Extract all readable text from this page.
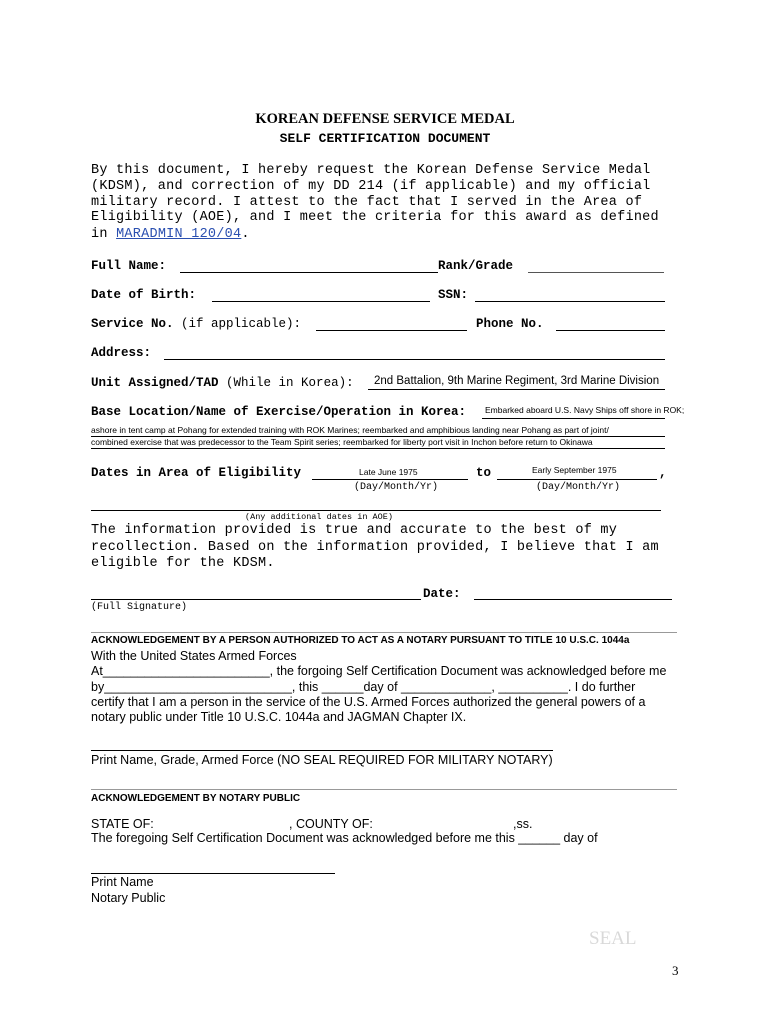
KOREAN DEFENSE SERVICE MEDAL
SELF CERTIFICATION DOCUMENT
By this document, I hereby request the Korean Defense Service Medal
(KDSM), and correction of my DD 214 (if applicable) and my official
military record. I attest to the fact that I served in the Area of
Eligibility (AOE), and I meet the criteria for this award as defined
in MARADMIN 120/04.
Full Name:	Rank/Grade
Date of Birth:	SSN:
Service No. (if applicable):	Phone No.
Address:
Unit Assigned/TAD (While in Korea): 2nd Battalion, 9th Marine Regiment, 3rd Marine Division
Base Location/Name of Exercise/Operation in Korea: Embarked aboard U.S. Navy Ships off shore in ROK;
ashore in tent camp at Pohang for extended training with ROK Marines; reembarked and amphibious landing near Pohang as part of joint/
combined exercise that was predecessor to the Team Spirit series; reembarked for liberty port visit in Inchon before return to Okinawa
Dates in Area of Eligibility	Late June 1975	to	Early September 1975	,
(Day/Month/Yr)	(Day/Month/Yr)
(Any additional dates in AOE)
The information provided is true and accurate to the best of my
recollection. Based on the information provided, I believe that I am
eligible for the KDSM.
Date:
(Full Signature)
ACKNOWLEDGEMENT BY A PERSON AUTHORIZED TO ACT AS A NOTARY PURSUANT TO TITLE 10 U.S.C. 1044a
With the United States Armed Forces
At________________________, the forgoing Self Certification Document was acknowledged before me
by___________________________, this ______day of _____________, __________. I do further
certify that I am a person in the service of the U.S. Armed Forces authorized the general powers of a
notary public under Title 10 U.S.C. 1044a and JAGMAN Chapter IX.
Print Name, Grade, Armed Force (NO SEAL REQUIRED FOR MILITARY NOTARY)
ACKNOWLEDGEMENT BY NOTARY PUBLIC
STATE OF:	, COUNTY OF:	,ss.
The foregoing Self Certification Document was acknowledged before me this ______ day of
Print Name
Notary Public
SEAL
3
